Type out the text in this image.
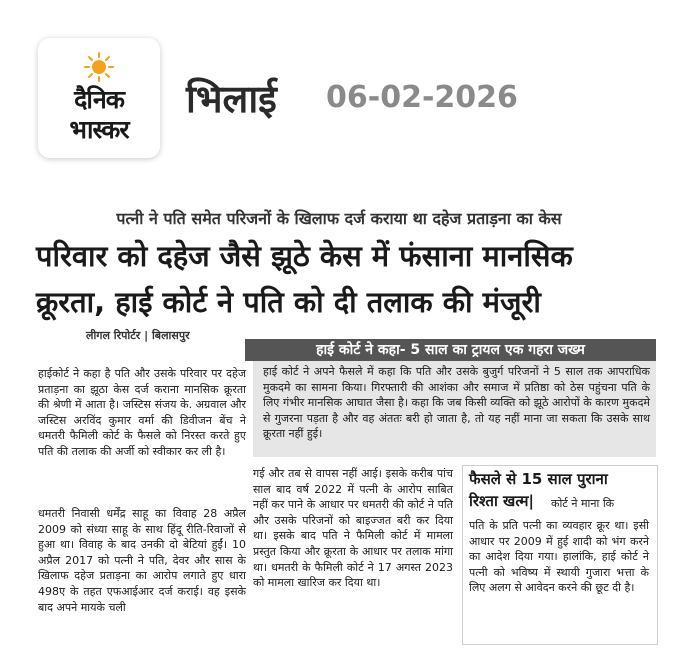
दैनिक
भास्कर
भिलाई 06-02-2026
पत्नी ने पति समेत परिजनों के खिलाफ दर्ज कराया था दहेज प्रताड़ना का केस
परिवार को दहेज जैसे झूठे केस में फंसाना मानसिक
क्रूरता, हाई कोर्ट ने पति को दी तलाक की मंजूरी
लीगल रिपोर्टर | बिलासपुर
हाई कोर्ट ने कहा- 5 साल का ट्रायल एक गहरा जख्म

हाईकोर्ट ने कहा है पति और उसके परिवार पर दहेज प्रताड़ना का झूठा केस दर्ज कराना मानसिक क्रूरता की श्रेणी में आता है। जस्टिस संजय के. अग्रवाल और जस्टिस अरविंद कुमार वर्मा की डिवीजन बेंच ने धमतरी फैमिली कोर्ट के फैसले को निरस्त करते हुए पति की तलाक की अर्जी को स्वीकार कर ली है।

धमतरी निवासी धर्मेंद्र साहू का विवाह 28 अप्रैल 2009 को संध्या साहू के साथ हिंदू रीति-रिवाजों से हुआ था। विवाह के बाद उनकी दो बेटियां हुईं। 10 अप्रैल 2017 को पत्नी ने पति, देवर और सास के खिलाफ दहेज प्रताड़ना का आरोप लगाते हुए धारा 498ए के तहत एफआईआर दर्ज कराई। वह इसके बाद अपने मायके चली

हाई कोर्ट ने अपने फैसले में कहा कि पति और उसके बुजुर्ग परिजनों ने 5 साल तक आपराधिक मुकदमे का सामना किया। गिरफ्तारी की आशंका और समाज में प्रतिष्ठा को ठेस पहुंचना पति के लिए गंभीर मानसिक आघात जैसा है। कहा कि जब किसी व्यक्ति को झूठे आरोपों के कारण मुकदमे से गुजरना पड़ता है और वह अंततः बरी हो जाता है, तो यह नहीं माना जा सकता कि उसके साथ क्रूरता नहीं हुई।

गई और तब से वापस नहीं आई। इसके करीब पांच साल बाद वर्ष 2022 में पत्नी के आरोप साबित नहीं कर पाने के आधार पर धमतरी की कोर्ट ने पति और उसके परिजनों को बाइज्जत बरी कर दिया था। इसके बाद पति ने फैमिली कोर्ट में मामला प्रस्तुत किया और क्रूरता के आधार पर तलाक मांगा था। धमतरी के फैमिली कोर्ट ने 17 अगस्त 2023 को मामला खारिज कर दिया था।

फैसले से 15 साल पुराना
रिश्ता खत्म|	कोर्ट ने माना कि

पति के प्रति पत्नी का व्यवहार क्रूर था। इसी आधार पर 2009 में हुई शादी को भंग करने का आदेश दिया गया। हालांकि, हाई कोर्ट ने पत्नी को भविष्य में स्थायी गुजारा भत्ता के लिए अलग से आवेदन करने की छूट दी है।
